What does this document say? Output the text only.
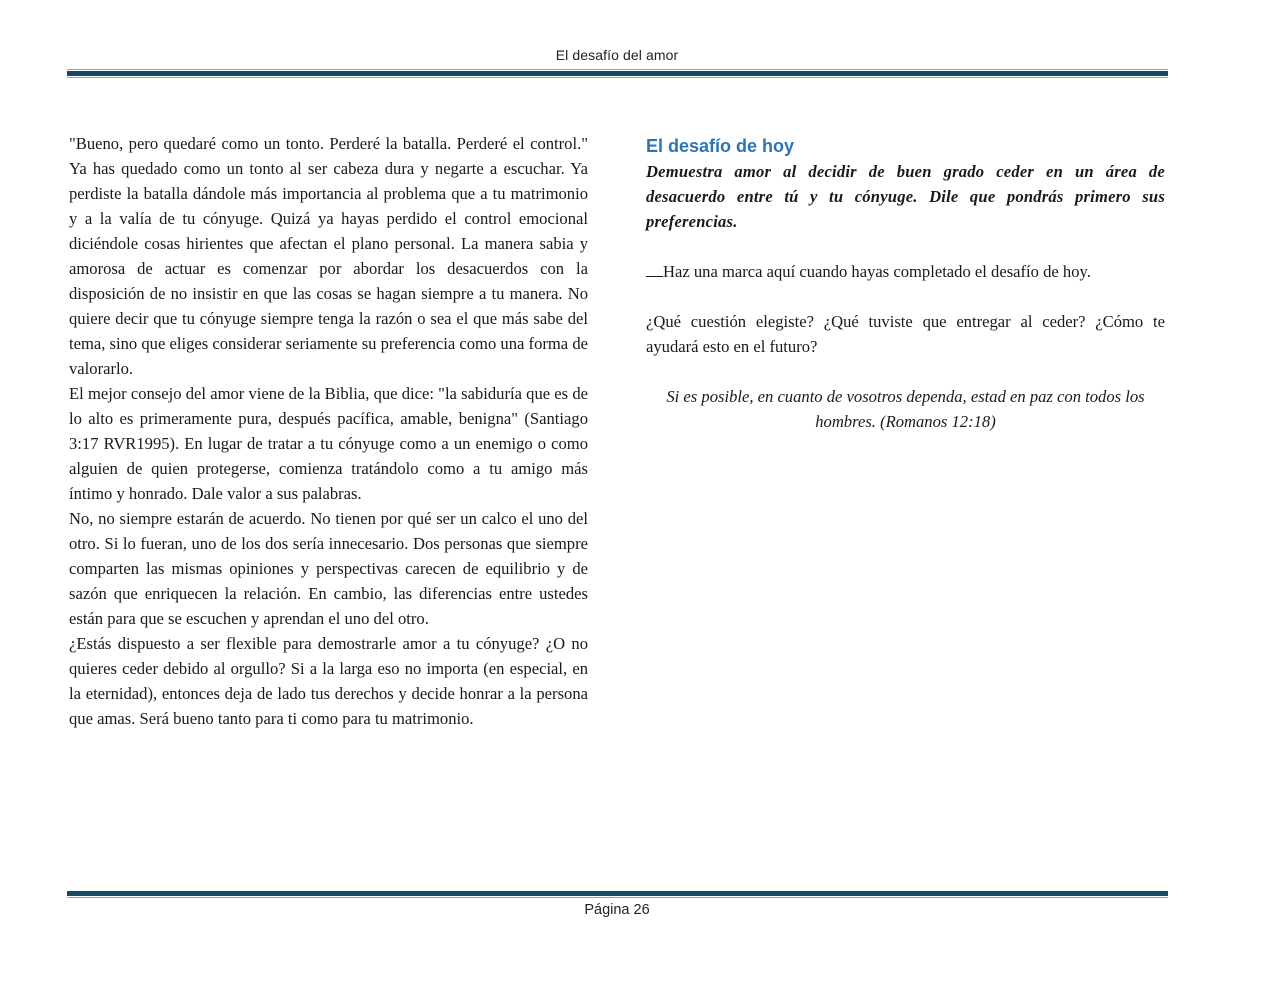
El desafío del amor

"Bueno, pero quedaré como un tonto. Perderé la batalla. Perderé el control." Ya has quedado como un tonto al ser cabeza dura y negarte a escuchar. Ya perdiste la batalla dándole más importancia al problema que a tu matrimonio y a la valía de tu cónyuge. Quizá ya hayas perdido el control emocional diciéndole cosas hirientes que afectan el plano personal. La manera sabia y amorosa de actuar es comenzar por abordar los desacuerdos con la disposición de no insistir en que las cosas se hagan siempre a tu manera. No quiere decir que tu cónyuge siempre tenga la razón o sea el que más sabe del tema, sino que eliges considerar seriamente su preferencia como una forma de valorarlo.

El mejor consejo del amor viene de la Biblia, que dice: "la sabiduría que es de lo alto es primeramente pura, después pacífica, amable, benigna" (Santiago 3:17 RVR1995). En lugar de tratar a tu cónyuge como a un enemigo o como alguien de quien protegerse, comienza tratándolo como a tu amigo más íntimo y honrado. Dale valor a sus palabras.

No, no siempre estarán de acuerdo. No tienen por qué ser un calco el uno del otro. Si lo fueran, uno de los dos sería innecesario. Dos personas que siempre comparten las mismas opiniones y perspectivas carecen de equilibrio y de sazón que enriquecen la relación. En cambio, las diferencias entre ustedes están para que se escuchen y aprendan el uno del otro.

¿Estás dispuesto a ser flexible para demostrarle amor a tu cónyuge? ¿O no quieres ceder debido al orgullo? Si a la larga eso no importa (en especial, en la eternidad), entonces deja de lado tus derechos y decide honrar a la persona que amas. Será bueno tanto para ti como para tu matrimonio.

El desafío de hoy

Demuestra amor al decidir de buen grado ceder en un área de desacuerdo entre tú y tu cónyuge. Dile que pondrás primero sus preferencias.

Haz una marca aquí cuando hayas completado el desafío de hoy.

¿Qué cuestión elegiste? ¿Qué tuviste que entregar al ceder? ¿Cómo te ayudará esto en el futuro?

Si es posible, en cuanto de vosotros dependa, estad en paz con todos los hombres. (Romanos 12:18)

Página 26
